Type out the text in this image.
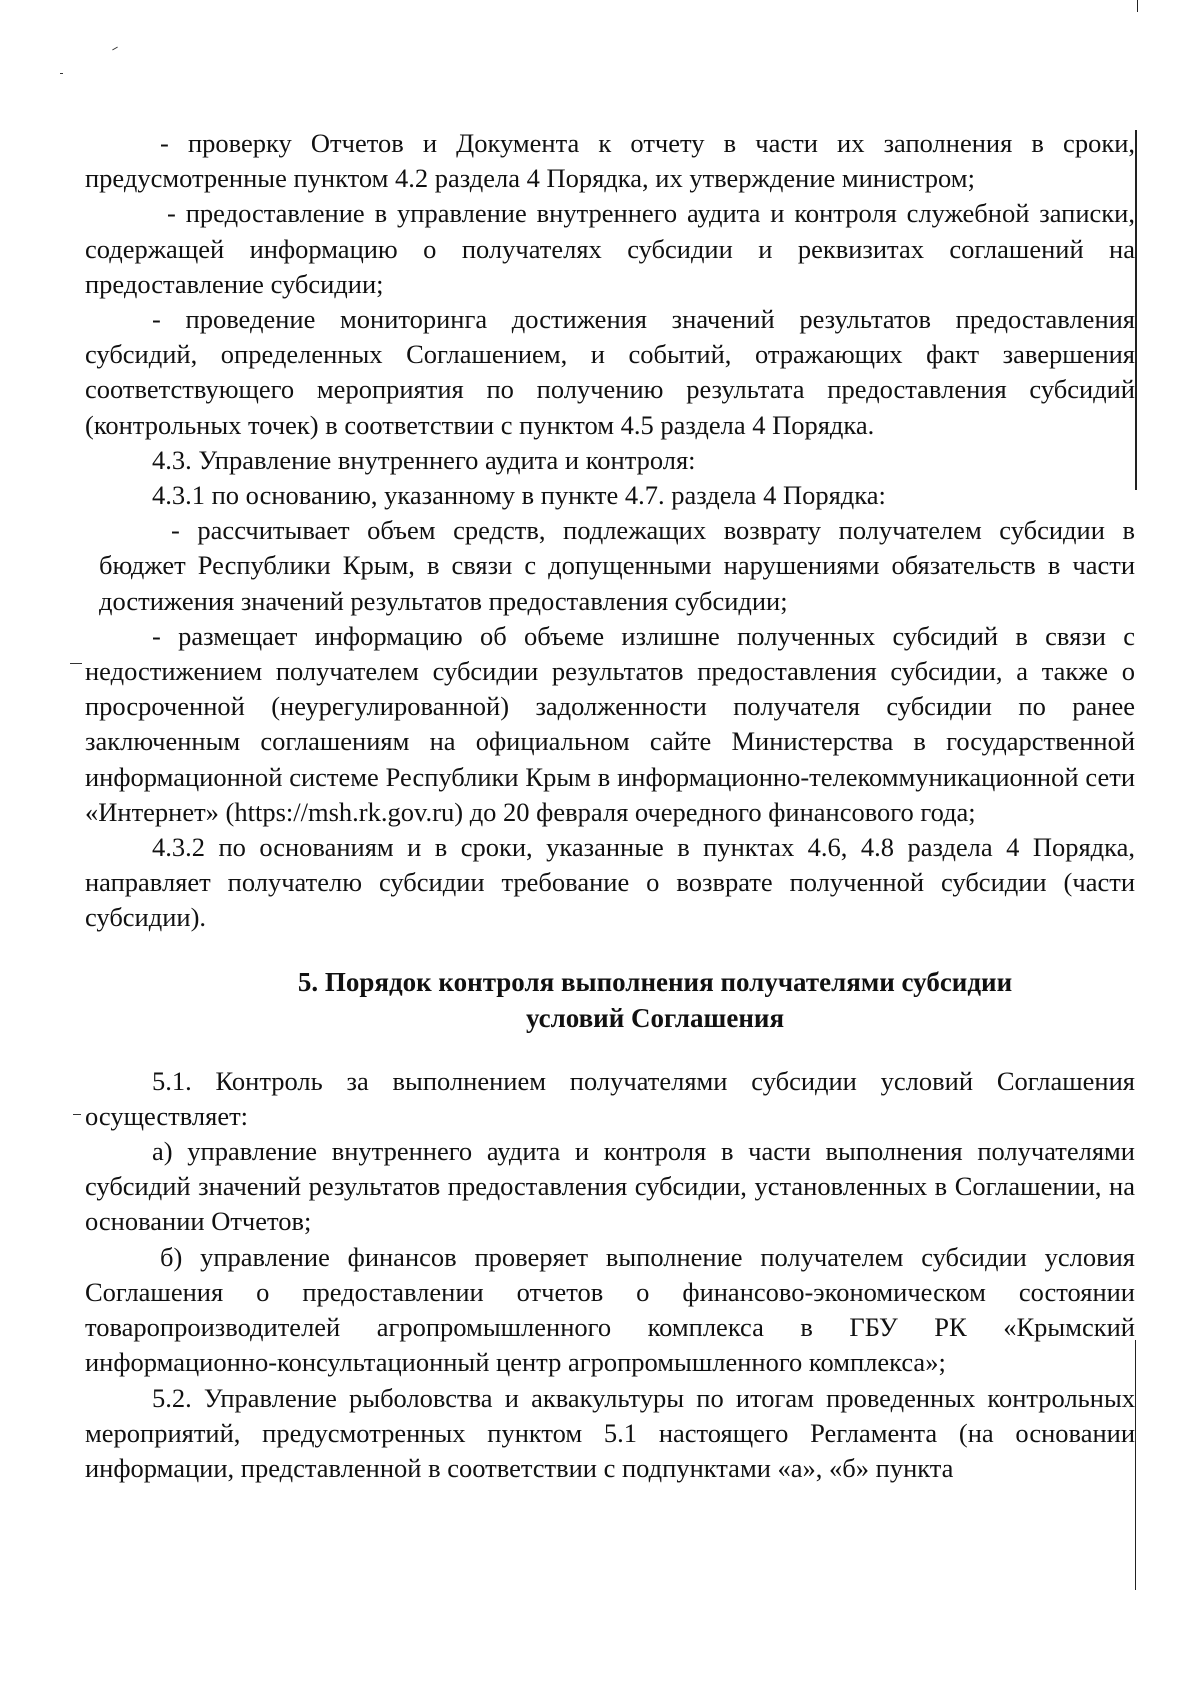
- проверку Отчетов и Документа к отчету в части их заполнения в сроки, предусмотренные пунктом 4.2 раздела 4 Порядка, их утверждение министром;

- предоставление в управление внутреннего аудита и контроля служебной записки, содержащей информацию о получателях субсидии и реквизитах соглашений на предоставление субсидии;

- проведение мониторинга достижения значений результатов предоставления субсидий, определенных Соглашением, и событий, отражающих факт завершения соответствующего мероприятия по получению результата предоставления субсидий (контрольных точек) в соответствии с пунктом 4.5 раздела 4 Порядка.

4.3. Управление внутреннего аудита и контроля:

4.3.1 по основанию, указанному в пункте 4.7. раздела 4 Порядка:

- рассчитывает объем средств, подлежащих возврату получателем субсидии в бюджет Республики Крым, в связи с допущенными нарушениями обязательств в части достижения значений результатов предоставления субсидии;

- размещает информацию об объеме излишне полученных субсидий в связи с недостижением получателем субсидии результатов предоставления субсидии, а также о просроченной (неурегулированной) задолженности получателя субсидии по ранее заключенным соглашениям на официальном сайте Министерства в государственной информационной системе Республики Крым в информационно-телекоммуникационной сети «Интернет» (https://msh.rk.gov.ru) до 20 февраля очередного финансового года;

4.3.2 по основаниям и в сроки, указанные в пунктах 4.6, 4.8 раздела 4 Порядка, направляет получателю субсидии требование о возврате полученной субсидии (части субсидии).

5. Порядок контроля выполнения получателями субсидии
условий Соглашения

5.1. Контроль за выполнением получателями субсидии условий Соглашения осуществляет:

а) управление внутреннего аудита и контроля в части выполнения получателями субсидий значений результатов предоставления субсидии, установленных в Соглашении, на основании Отчетов;

б) управление финансов проверяет выполнение получателем субсидии условия Соглашения о предоставлении отчетов о финансово-экономическом состоянии товаропроизводителей агропромышленного комплекса в ГБУ РК «Крымский информационно-консультационный центр агропромышленного комплекса»;

5.2. Управление рыболовства и аквакультуры по итогам проведенных контрольных мероприятий, предусмотренных пунктом 5.1 настоящего Регламента (на основании информации, представленной в соответствии с подпунктами «а», «б» пункта
